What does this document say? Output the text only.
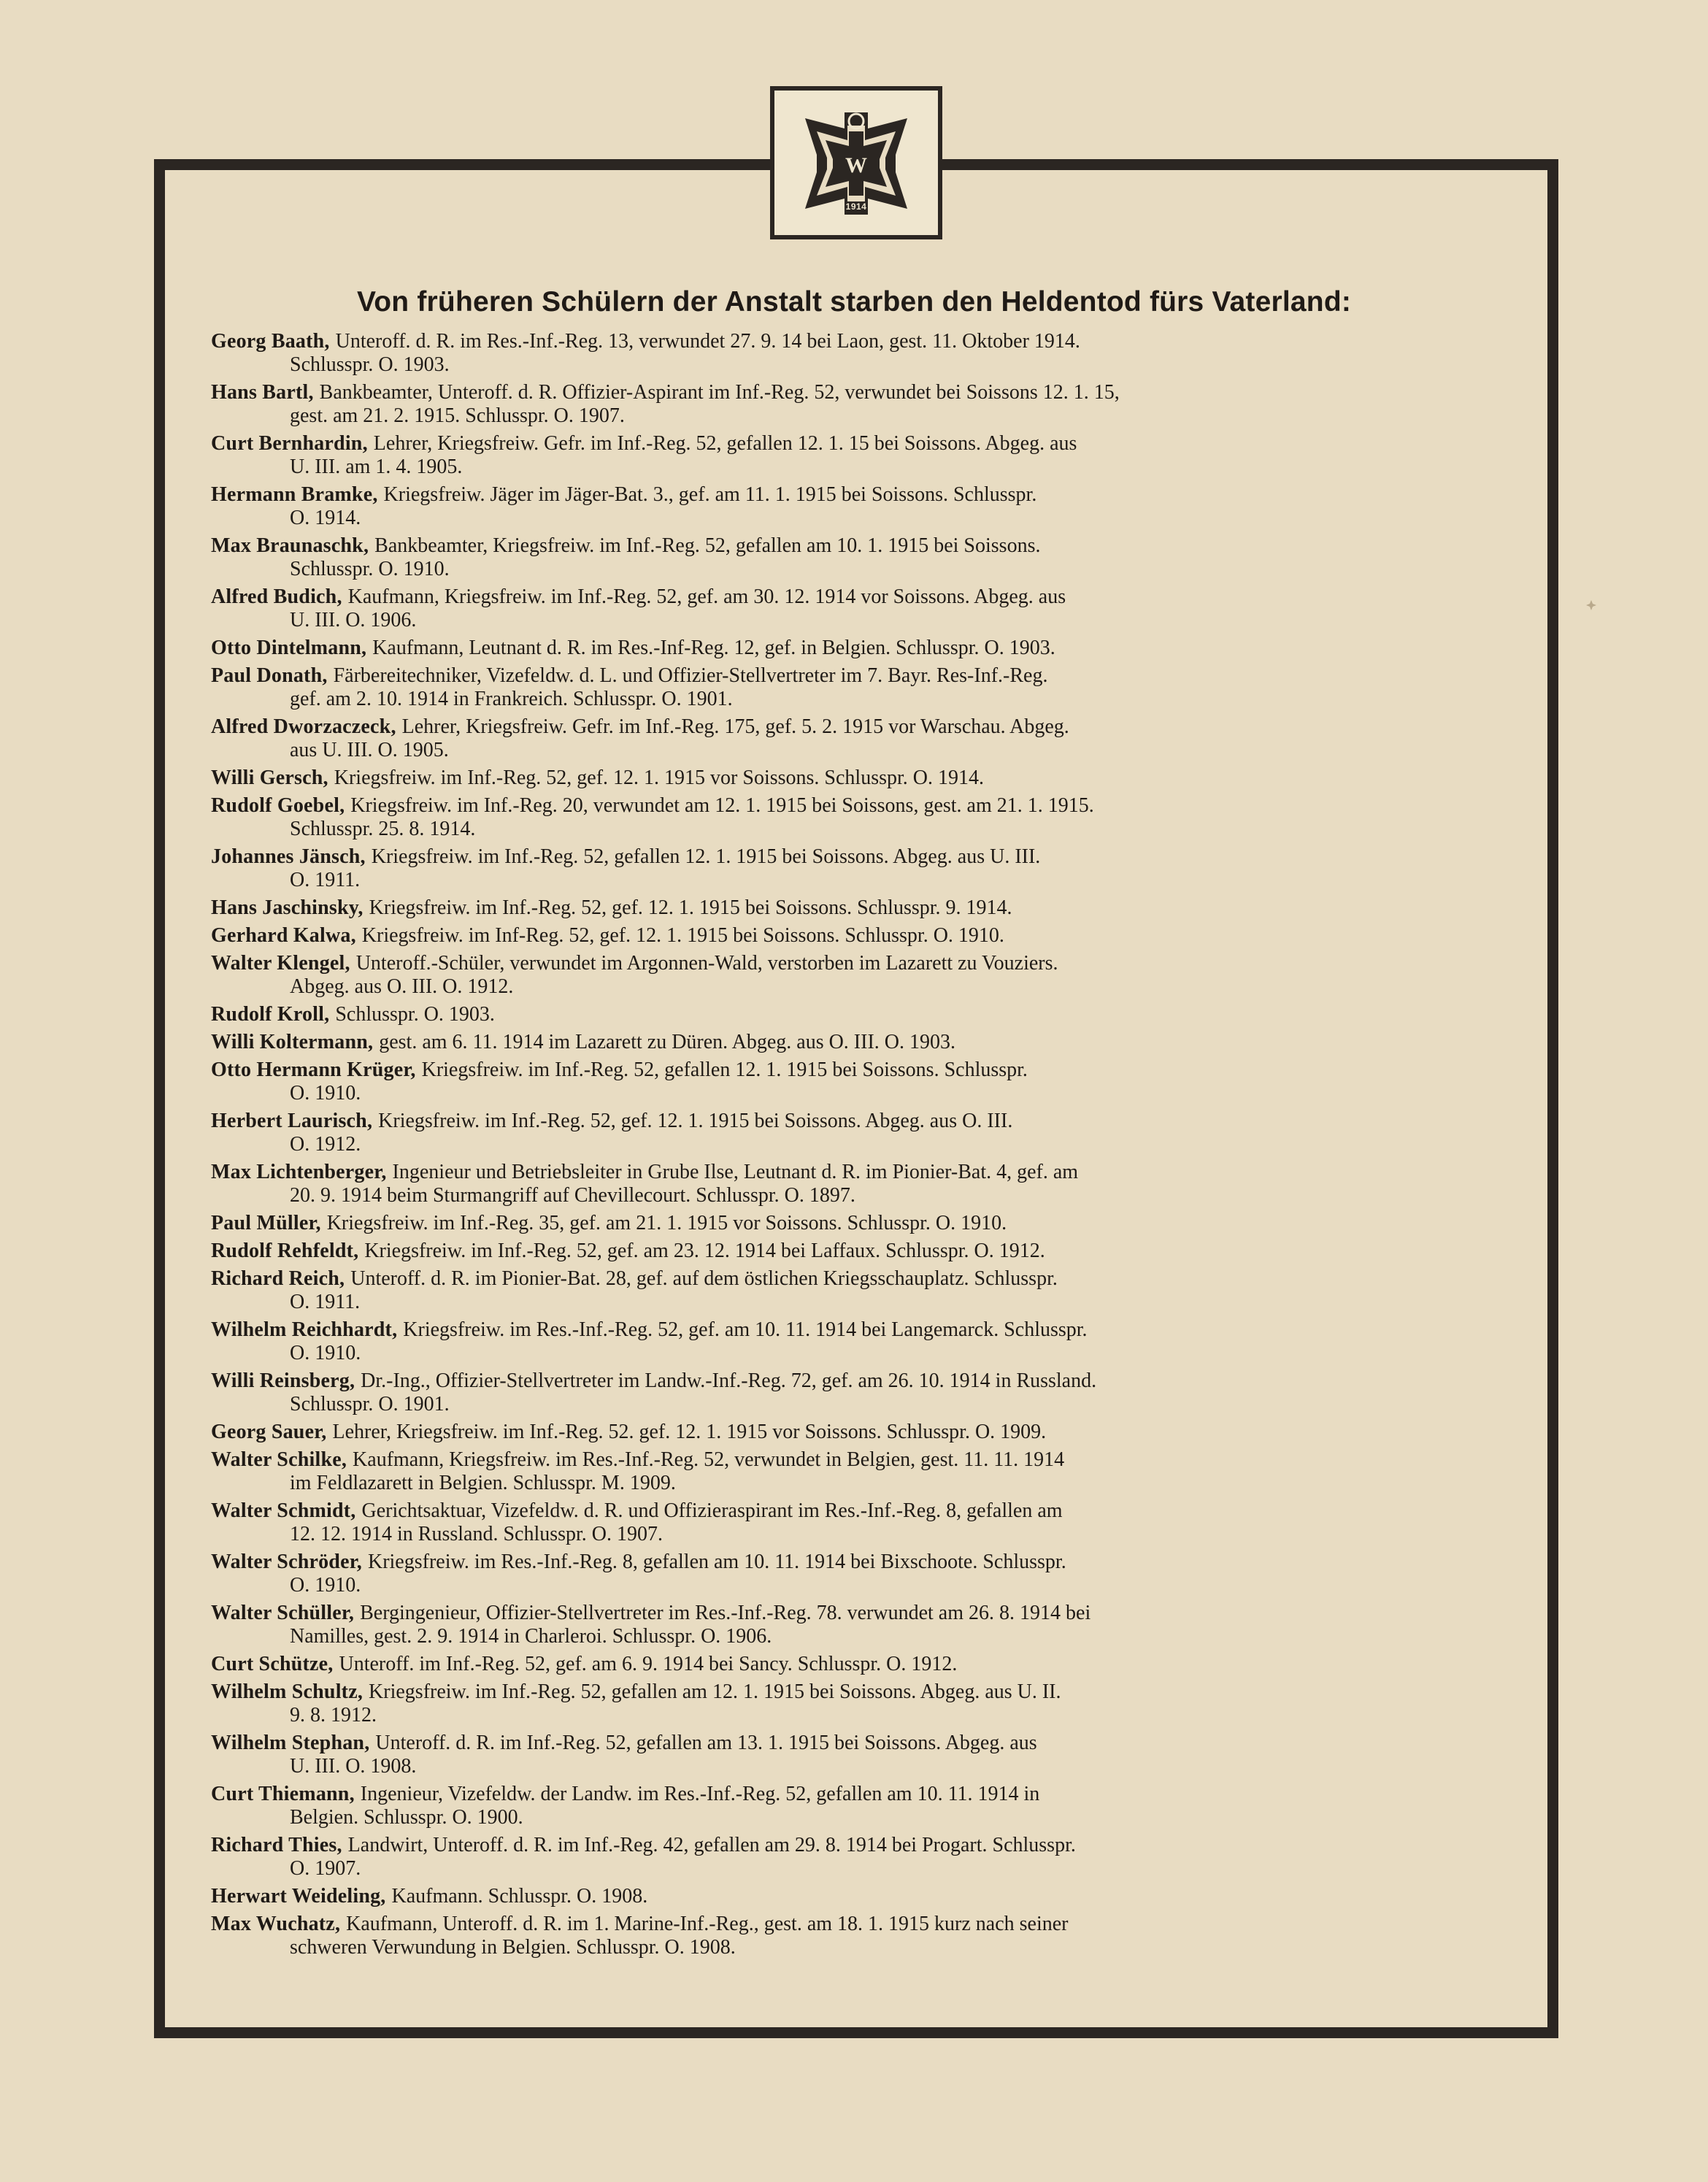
W
1914
Von früheren Schülern der Anstalt starben den Heldentod fürs Vaterland:
Georg Baath , Unteroff. d. R. im Res.-Inf.-Reg. 13, verwundet 27. 9. 14 bei Laon, gest. 11. Oktober 1914.
Schlusspr. O. 1903.
Hans Bartl , Bankbeamter, Unteroff. d. R. Offizier-Aspirant im Inf.-Reg. 52, verwundet bei Soissons 12. 1. 15,
gest. am 21. 2. 1915. Schlusspr. O. 1907.
Curt Bernhardin , Lehrer, Kriegsfreiw. Gefr. im Inf.-Reg. 52, gefallen 12. 1. 15 bei Soissons. Abgeg. aus
U. III. am 1. 4. 1905.
Hermann Bramke , Kriegsfreiw. Jäger im Jäger-Bat. 3., gef. am 11. 1. 1915 bei Soissons. Schlusspr.
O. 1914.
Max Braunaschk , Bankbeamter, Kriegsfreiw. im Inf.-Reg. 52, gefallen am 10. 1. 1915 bei Soissons.
Schlusspr. O. 1910.
Alfred Budich , Kaufmann, Kriegsfreiw. im Inf.-Reg. 52, gef. am 30. 12. 1914 vor Soissons. Abgeg. aus
U. III. O. 1906.
Otto Dintelmann , Kaufmann, Leutnant d. R. im Res.-Inf-Reg. 12, gef. in Belgien. Schlusspr. O. 1903.
Paul Donath , Färbereitechniker, Vizefeldw. d. L. und Offizier-Stellvertreter im 7. Bayr. Res-Inf.-Reg.
gef. am 2. 10. 1914 in Frankreich. Schlusspr. O. 1901.
Alfred Dworzaczeck , Lehrer, Kriegsfreiw. Gefr. im Inf.-Reg. 175, gef. 5. 2. 1915 vor Warschau. Abgeg.
aus U. III. O. 1905.
Willi Gersch , Kriegsfreiw. im Inf.-Reg. 52, gef. 12. 1. 1915 vor Soissons. Schlusspr. O. 1914.
Rudolf Goebel , Kriegsfreiw. im Inf.-Reg. 20, verwundet am 12. 1. 1915 bei Soissons, gest. am 21. 1. 1915.
Schlusspr. 25. 8. 1914.
Johannes Jänsch , Kriegsfreiw. im Inf.-Reg. 52, gefallen 12. 1. 1915 bei Soissons. Abgeg. aus U. III.
O. 1911.
Hans Jaschinsky , Kriegsfreiw. im Inf.-Reg. 52, gef. 12. 1. 1915 bei Soissons. Schlusspr. 9. 1914.
Gerhard Kalwa , Kriegsfreiw. im Inf-Reg. 52, gef. 12. 1. 1915 bei Soissons. Schlusspr. O. 1910.
Walter Klengel , Unteroff.-Schüler, verwundet im Argonnen-Wald, verstorben im Lazarett zu Vouziers.
Abgeg. aus O. III. O. 1912.
Rudolf Kroll , Schlusspr. O. 1903.
Willi Koltermann , gest. am 6. 11. 1914 im Lazarett zu Düren. Abgeg. aus O. III. O. 1903.
Otto Hermann Krüger , Kriegsfreiw. im Inf.-Reg. 52, gefallen 12. 1. 1915 bei Soissons. Schlusspr.
O. 1910.
Herbert Laurisch , Kriegsfreiw. im Inf.-Reg. 52, gef. 12. 1. 1915 bei Soissons. Abgeg. aus O. III.
O. 1912.
Max Lichtenberger , Ingenieur und Betriebsleiter in Grube Ilse, Leutnant d. R. im Pionier-Bat. 4, gef. am
20. 9. 1914 beim Sturmangriff auf Chevillecourt. Schlusspr. O. 1897.
Paul Müller , Kriegsfreiw. im Inf.-Reg. 35, gef. am 21. 1. 1915 vor Soissons. Schlusspr. O. 1910.
Rudolf Rehfeldt , Kriegsfreiw. im Inf.-Reg. 52, gef. am 23. 12. 1914 bei Laffaux. Schlusspr. O. 1912.
Richard Reich , Unteroff. d. R. im Pionier-Bat. 28, gef. auf dem östlichen Kriegsschauplatz. Schlusspr.
O. 1911.
Wilhelm Reichhardt , Kriegsfreiw. im Res.-Inf.-Reg. 52, gef. am 10. 11. 1914 bei Langemarck. Schlusspr.
O. 1910.
Willi Reinsberg , Dr.-Ing., Offizier-Stellvertreter im Landw.-Inf.-Reg. 72, gef. am 26. 10. 1914 in Russland.
Schlusspr. O. 1901.
Georg Sauer , Lehrer, Kriegsfreiw. im Inf.-Reg. 52. gef. 12. 1. 1915 vor Soissons. Schlusspr. O. 1909.
Walter Schilke , Kaufmann, Kriegsfreiw. im Res.-Inf.-Reg. 52, verwundet in Belgien, gest. 11. 11. 1914
im Feldlazarett in Belgien. Schlusspr. M. 1909.
Walter Schmidt , Gerichtsaktuar, Vizefeldw. d. R. und Offizieraspirant im Res.-Inf.-Reg. 8, gefallen am
12. 12. 1914 in Russland. Schlusspr. O. 1907.
Walter Schröder , Kriegsfreiw. im Res.-Inf.-Reg. 8, gefallen am 10. 11. 1914 bei Bixschoote. Schlusspr.
O. 1910.
Walter Schüller , Bergingenieur, Offizier-Stellvertreter im Res.-Inf.-Reg. 78. verwundet am 26. 8. 1914 bei
Namilles, gest. 2. 9. 1914 in Charleroi. Schlusspr. O. 1906.
Curt Schütze , Unteroff. im Inf.-Reg. 52, gef. am 6. 9. 1914 bei Sancy. Schlusspr. O. 1912.
Wilhelm Schultz , Kriegsfreiw. im Inf.-Reg. 52, gefallen am 12. 1. 1915 bei Soissons. Abgeg. aus U. II.
9. 8. 1912.
Wilhelm Stephan , Unteroff. d. R. im Inf.-Reg. 52, gefallen am 13. 1. 1915 bei Soissons. Abgeg. aus
U. III. O. 1908.
Curt Thiemann , Ingenieur, Vizefeldw. der Landw. im Res.-Inf.-Reg. 52, gefallen am 10. 11. 1914 in
Belgien. Schlusspr. O. 1900.
Richard Thies , Landwirt, Unteroff. d. R. im Inf.-Reg. 42, gefallen am 29. 8. 1914 bei Progart. Schlusspr.
O. 1907.
Herwart Weideling , Kaufmann. Schlusspr. O. 1908.
Max Wuchatz , Kaufmann, Unteroff. d. R. im 1. Marine-Inf.-Reg., gest. am 18. 1. 1915 kurz nach seiner
schweren Verwundung in Belgien. Schlusspr. O. 1908.
